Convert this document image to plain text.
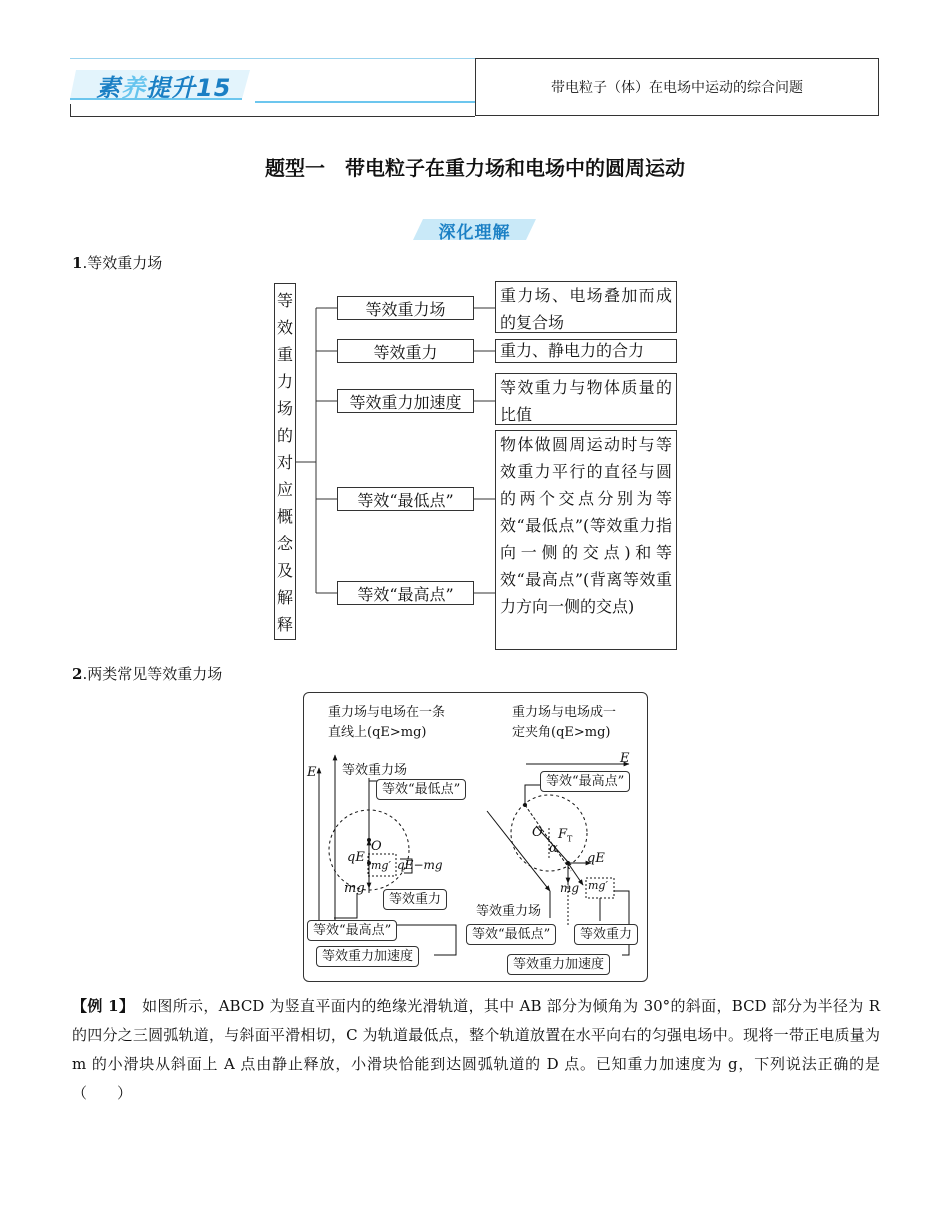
素养提升15	带电粒子（体）在电场中运动的综合问题
题型一　带电粒子在重力场和电场中的圆周运动
深化理解
1.等效重力场
等
效
重
力
场
的
对
应
概
念
及
解
释
等效重力场
等效重力
等效重力加速度
等效“最低点”
等效“最高点”
重力场、电场叠加而成的复合场
重力、静电力的合力
等效重力与物体质量的比值
物体做圆周运动时与等效重力平行的直径与圆的两个交点分别为等效“最低点”(等效重力指向一侧的交点)和等效“最高点”(背离等效重力方向一侧的交点)
2.两类常见等效重力场
重力场与电场在一条
直线上(qE>mg)
重力场与电场成一
定夹角(qE>mg)
E 等效重力场
等效“最低点”
O
qE
mg′ qE−mg
mg
等效重力
等效“最高点”
等效重力加速度
E
等效“最高点”
O $F_T$
α
qE
mg mg′
等效重力场
等效“最低点”	等效重力
等效重力加速度
【例 1】　如图所示，ABCD 为竖直平面内的绝缘光滑轨道，其中 AB 部分为倾角为 30°的斜面，BCD 部分为半径为 R 的四分之三圆弧轨道，与斜面平滑相切，C 为轨道最低点，整个轨道放置在水平向右的匀强电场中。现将一带正电质量为 m 的小滑块从斜面上 A 点由静止释放，小滑块恰能到达圆弧轨道的 D 点。已知重力加速度为 g，下列说法正确的是（　　）
